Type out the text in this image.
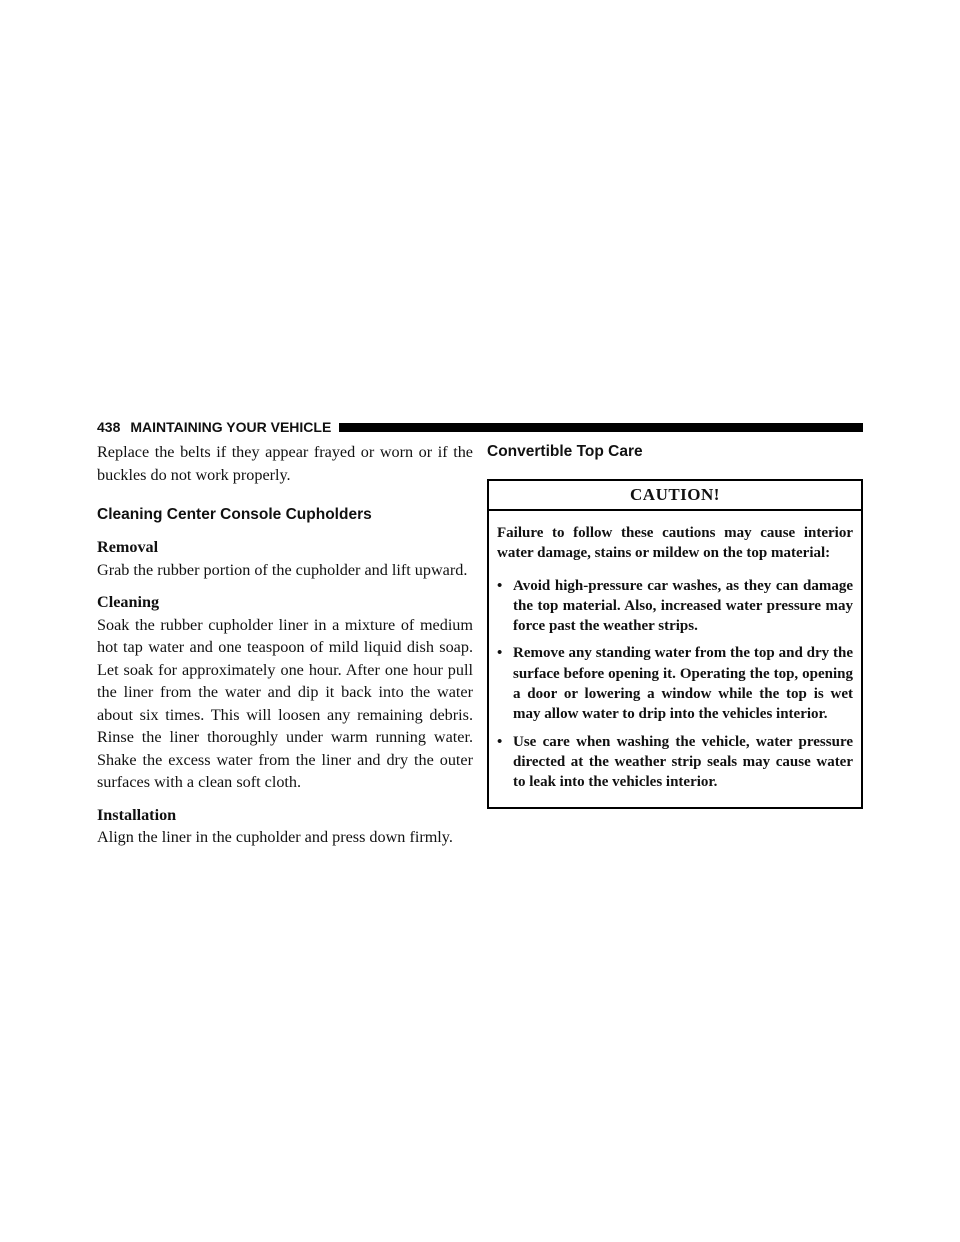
438 MAINTAINING YOUR VEHICLE

Replace the belts if they appear frayed or worn or if the buckles do not work properly.

Cleaning Center Console Cupholders

Removal

Grab the rubber portion of the cupholder and lift upward.

Cleaning

Soak the rubber cupholder liner in a mixture of medium hot tap water and one teaspoon of mild liquid dish soap. Let soak for approximately one hour. After one hour pull the liner from the water and dip it back into the water about six times. This will loosen any remaining debris. Rinse the liner thoroughly under warm running water. Shake the excess water from the liner and dry the outer surfaces with a clean soft cloth.

Installation

Align the liner in the cupholder and press down firmly.

Convertible Top Care
CAUTION!

Failure to follow these cautions may cause interior water damage, stains or mildew on the top material:

• Avoid high-pressure car washes, as they can damage the top material. Also, increased water pressure may force past the weather strips.
• Remove any standing water from the top and dry the surface before opening it. Operating the top, opening a door or lowering a window while the top is wet may allow water to drip into the vehicles interior.
• Use care when washing the vehicle, water pressure directed at the weather strip seals may cause water to leak into the vehicles interior.
